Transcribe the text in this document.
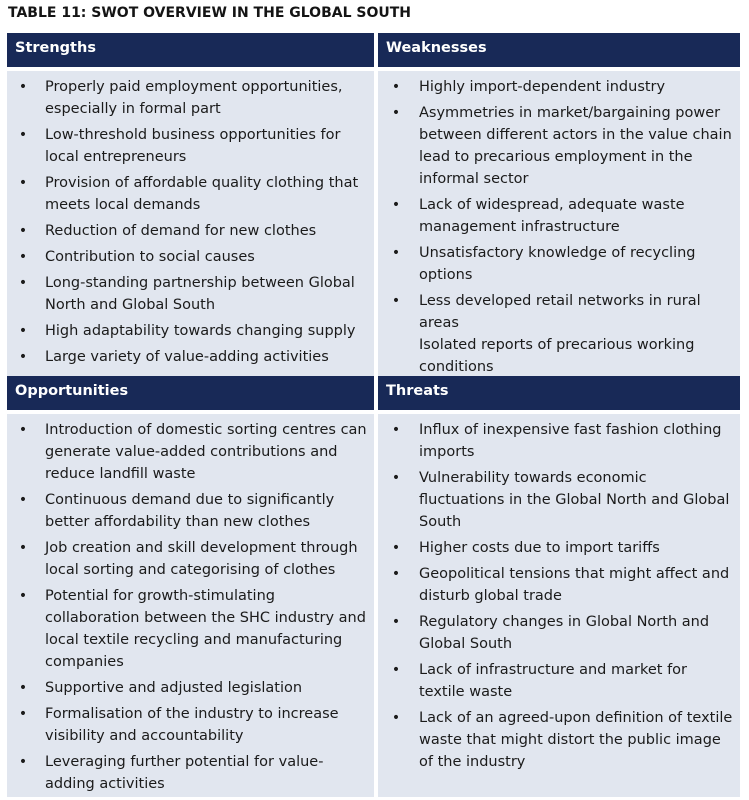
TABLE 11: SWOT OVERVIEW IN THE GLOBAL SOUTH
Strengths
• Properly paid employment opportunities, especially in formal part
• Low-threshold business opportunities for local entrepreneurs
• Provision of affordable quality clothing that meets local demands
• Reduction of demand for new clothes
• Contribution to social causes
• Long-standing partnership between Global North and Global South
• High adaptability towards changing supply
• Large variety of value-adding activities
Weaknesses
• Highly import-dependent industry
• Asymmetries in market/bargaining power between different actors in the value chain lead to precarious employment in the informal sector
• Lack of widespread, adequate waste management infrastructure
• Unsatisfactory knowledge of recycling options
• Less developed retail networks in rural areas
Isolated reports of precarious working conditions
Opportunities
• Introduction of domestic sorting centres can generate value-added contributions and reduce landfill waste
• Continuous demand due to significantly better affordability than new clothes
• Job creation and skill development through local sorting and categorising of clothes
• Potential for growth-stimulating collaboration between the SHC industry and local textile recycling and manufacturing companies
• Supportive and adjusted legislation
• Formalisation of the industry to increase visibility and accountability
• Leveraging further potential for value-adding activities
Threats
• Influx of inexpensive fast fashion clothing imports
• Vulnerability towards economic fluctuations in the Global North and Global South
• Higher costs due to import tariffs
• Geopolitical tensions that might affect and disturb global trade
• Regulatory changes in Global North and Global South
• Lack of infrastructure and market for textile waste
• Lack of an agreed-upon definition of textile waste that might distort the public image of the industry
